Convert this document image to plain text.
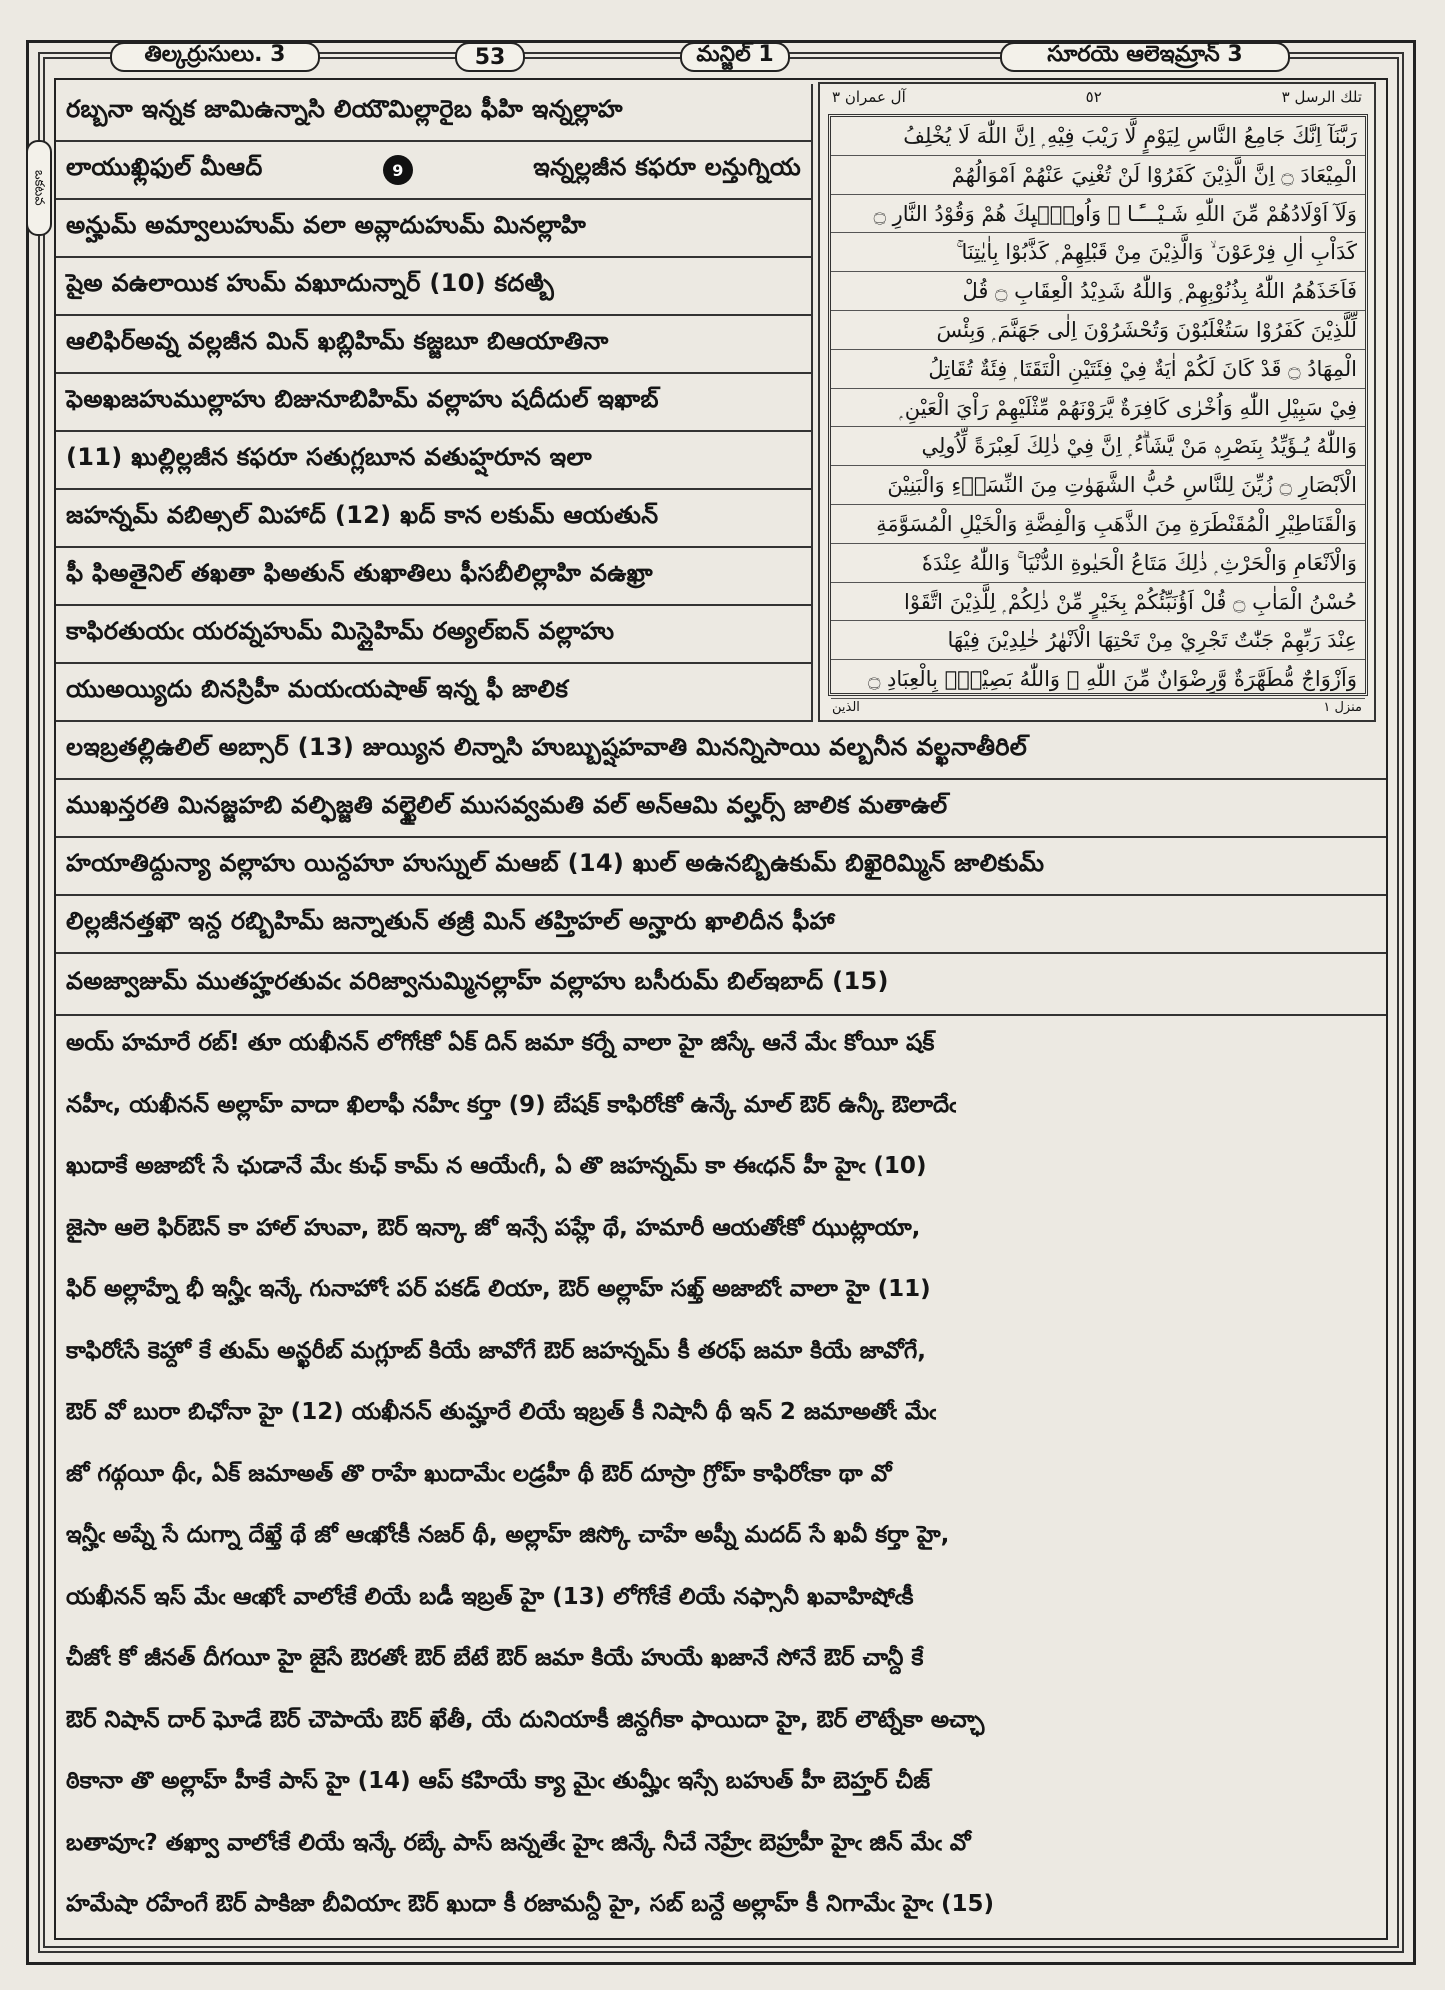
తిల్కర్రుసులు. 3	53	మన్జిల్ 1	సూరయె ఆలెఇమ్రాన్ 3
ఒకటవ
آل عمران ٣	٥٢	تلك الرسل ٣
رَبَّنَآ اِنَّكَ جَامِعُ النَّاسِ لِيَوْمٍ لَّا رَيْبَ فِيْهِ ۭ اِنَّ اللّٰهَ لَا يُخْلِفُ
الْمِيْعَادَ ۝ اِنَّ الَّذِيْنَ كَفَرُوْا لَنْ تُغْنِيَ عَنْهُمْ اَمْوَالُهُمْ
وَلَآ اَوْلَادُھُمْ مِّنَ اللّٰهِ شَـيْـــًٔـا ۭ وَاُولٰۗىِٕكَ ھُمْ وَقُوْدُ النَّارِ ۝
كَدَاْبِ اٰلِ فِرْعَوْنَ ۙ وَالَّذِيْنَ مِنْ قَبْلِهِمْ ۭ كَذَّبُوْا بِاٰيٰتِنَا ۚ
فَاَخَذَھُمُ اللّٰهُ بِذُنُوْبِهِمْ ۭ وَاللّٰهُ شَدِيْدُ الْعِقَابِ ۝ قُلْ
لِّلَّذِيْنَ كَفَرُوْا سَتُغْلَبُوْنَ وَتُحْشَرُوْنَ اِلٰى جَهَنَّمَ ۭ وَبِئْسَ
الْمِهَادُ ۝ قَدْ كَانَ لَكُمْ اٰيَةٌ فِيْ فِئَتَيْنِ الْتَقَتَا ۭ فِئَةٌ تُقَاتِلُ
فِيْ سَبِيْلِ اللّٰهِ وَاُخْرٰى كَافِرَةٌ يَّرَوْنَھُمْ مِّثْلَيْهِمْ رَاْيَ الْعَيْنِ ۭ
وَاللّٰهُ يُـؤَيِّدُ بِنَصْرِهٖ مَنْ يَّشَاۗءُ ۭ اِنَّ فِيْ ذٰلِكَ لَعِبْرَةً لِّاُولِي
الْاَبْصَارِ ۝ زُيِّنَ لِلنَّاسِ حُبُّ الشَّهَوٰتِ مِنَ النِّسَاۗءِ وَالْبَنِيْنَ
وَالْقَنَاطِيْرِ الْمُقَنْطَرَةِ مِنَ الذَّھَبِ وَالْفِضَّةِ وَالْخَيْلِ الْمُسَوَّمَةِ
وَالْاَنْعَامِ وَالْحَرْثِ ۭ ذٰلِكَ مَتَاعُ الْحَيٰوةِ الدُّنْيَا ۚ وَاللّٰهُ عِنْدَهٗ
حُسْنُ الْمَاٰبِ ۝ قُلْ اَؤُنَبِّئُكُمْ بِخَيْرٍ مِّنْ ذٰلِكُمْ ۭ لِلَّذِيْنَ اتَّقَوْا
عِنْدَ رَبِّهِمْ جَنّٰتٌ تَجْرِيْ مِنْ تَحْتِهَا الْاَنْهٰرُ خٰلِدِيْنَ فِيْهَا
وَاَزْوَاجٌ مُّطَهَّرَةٌ وَّرِضْوَانٌ مِّنَ اللّٰهِ ۭ وَاللّٰهُ بَصِيْرٌۢ بِالْعِبَادِ ۝
الذين	منزل ١
రబ్బనా ఇన్నక జామిఉన్నాసి లియౌమిల్లారైబ ఫీహి ఇన్నల్లాహ
లాయుఖ్లిఫుల్ మీఆద్	9	ఇన్నల్లజీన కఫరూ లన్తుగ్నియ
అన్హుమ్ అమ్వాలుహుమ్ వలా అవ్లాదుహుమ్ మినల్లాహి
షైఅ వఉలాయిక హుమ్ వఖూదున్నార్ (10) కదఅ్బి
ఆలిఫిర్అవ్న వల్లజీన మిన్ ఖబ్లిహిమ్ కజ్జబూ బిఆయాతినా
ఫెఅఖజహుముల్లాహు బిజునూబిహిమ్ వల్లాహు షదీదుల్ ఇఖాబ్
(11) ఖుల్లిల్లజీన కఫరూ సతుగ్లబూన వతుహ్షరూన ఇలా
జహన్నమ్ వబిఅ్సల్ మిహాద్ (12) ఖద్ కాన లకుమ్ ఆయతున్
ఫీ ఫిఅతైనిల్ తఖతా ఫిఅతున్ తుఖాతిలు ఫీసబీలిల్లాహి వఉఖ్రా
కాఫిరతుయఁ యరవ్నహుమ్ మిస్లైహిమ్ రఅ్యల్ఐన్ వల్లాహు
యుఅయ్యిదు బినస్రిహీ మయఁయషాఅ్ ఇన్న ఫీ జాలిక
లఇబ్రతల్లిఉలిల్ అబ్సార్ (13) జుయ్యిన లిన్నాసి హుబ్బుష్షహవాతి మినన్నిసాయి వల్బనీన వల్ఖనాతీరిల్
ముఖన్తరతి మినజ్జహబి వల్ఫిజ్జతి వల్ఖైలిల్ ముసవ్వమతి వల్ అన్ఆమి వల్హర్స్ జాలిక మతాఉల్
హయాతిద్దున్యా వల్లాహు యిన్దహూ హుస్నుల్ మఆబ్ (14) ఖుల్ అఉనబ్బిఉకుమ్ బిఖైరిమ్మిన్ జాలికుమ్
లిల్లజీనత్తఖౌ ఇన్ద రబ్బిహిమ్ జన్నాతున్ తజ్రీ మిన్ తహ్తిహల్ అన్హారు ఖాలిదీన ఫీహా
వఅజ్వాజుమ్ ముతహ్హరతువఁ వరిజ్వానుమ్మినల్లాహ్ వల్లాహు బసీరుమ్ బిల్ఇబాద్ (15)
అయ్ హమారే రబ్! తూ యఖీనన్ లోగోఁకో ఏక్ దిన్ జమా కర్నే వాలా హై జిస్కే ఆనే మేఁ కోయీ షక్
నహీఁ, యఖీనన్ అల్లాహ్ వాదా ఖిలాఫీ నహీఁ కర్తా (9) బేషక్ కాఫిరోఁకో ఉన్కే మాల్ ఔర్ ఉన్కీ ఔలాదేఁ
ఖుదాకే అజాబోఁ సే ఛుడానే మేఁ కుఛ్ కామ్ న ఆయేఁగీ, ఏ తొ జహన్నమ్ కా ఈఁధన్ హీ హైఁ (10)
జైసా ఆలె ఫిర్ఔన్ కా హాల్ హువా, ఔర్ ఇన్కా జో ఇన్సే పహ్లే థే, హమారీ ఆయతోఁకో ఝుట్లాయా,
ఫిర్ అల్లాహ్నే భీ ఇన్హీఁ ఇన్కే గునాహోఁ పర్ పకడ్ లియా, ఔర్ అల్లాహ్ సఖ్త్ అజాబోఁ వాలా హై (11)
కాఫిరోఁసే కెహ్దో కే తుమ్ అన్ఖరీబ్ మగ్లూబ్ కియే జావోగే ఔర్ జహన్నమ్ కీ తరఫ్ జమా కియే జావోగే,
ఔర్ వో బురా బిఛోనా హై (12) యఖీనన్ తుమ్హారే లియే ఇబ్రత్ కీ నిషానీ థీ ఇన్ 2 జమాఅతోఁ మేఁ
జో గథ్గయీ థీఁ, ఏక్ జమాఅత్ తొ రాహే ఖుదామేఁ లడ్రహీ థీ ఔర్ దూస్రా గ్రోహ్ కాఫిరోఁకా థా వో
ఇన్హీఁ అప్నే సే దుగ్నా దేఖ్తే థే జో ఆఁఖోఁకీ నజర్ థీ, అల్లాహ్ జిస్కో చాహే అప్నీ మదద్ సే ఖవీ కర్తా హై,
యఖీనన్ ఇస్ మేఁ ఆఁఖోఁ వాలోఁకే లియే బడీ ఇబ్రత్ హై (13) లోగోఁకే లియే నఫ్సానీ ఖవాహిషోఁకీ
చీజోఁ కో జీనత్ దీగయీ హై జైసే ఔరతోఁ ఔర్ బేటే ఔర్ జమా కియే హుయే ఖజానే సోనే ఔర్ చాన్దీ కే
ఔర్ నిషాన్ దార్ ఘోడే ఔర్ చౌపాయే ఔర్ ఖేతీ, యే దునియాకీ జిన్దగీకా ఫాయిదా హై, ఔర్ లౌట్నేకా అచ్ఛా
ఠికానా తొ అల్లాహ్ హీకే పాస్ హై (14) ఆప్ కహియే క్యా మైఁ తుమ్హీఁ ఇస్సే బహుత్ హీ బెహ్తర్ చీజ్
బతావూఁ? తఖ్వా వాలోఁకే లియే ఇన్కే రబ్కే పాస్ జన్నతేఁ హైఁ జిన్కే నీచే నెహ్రేఁ బెహ్రహీ హైఁ జిన్ మేఁ వో
హమేషా రహేంగే ఔర్ పాకిజా బీవియాఁ ఔర్ ఖుదా కీ రజామన్దీ హై, సబ్ బన్దే అల్లాహ్ కీ నిగామేఁ హైఁ (15)
